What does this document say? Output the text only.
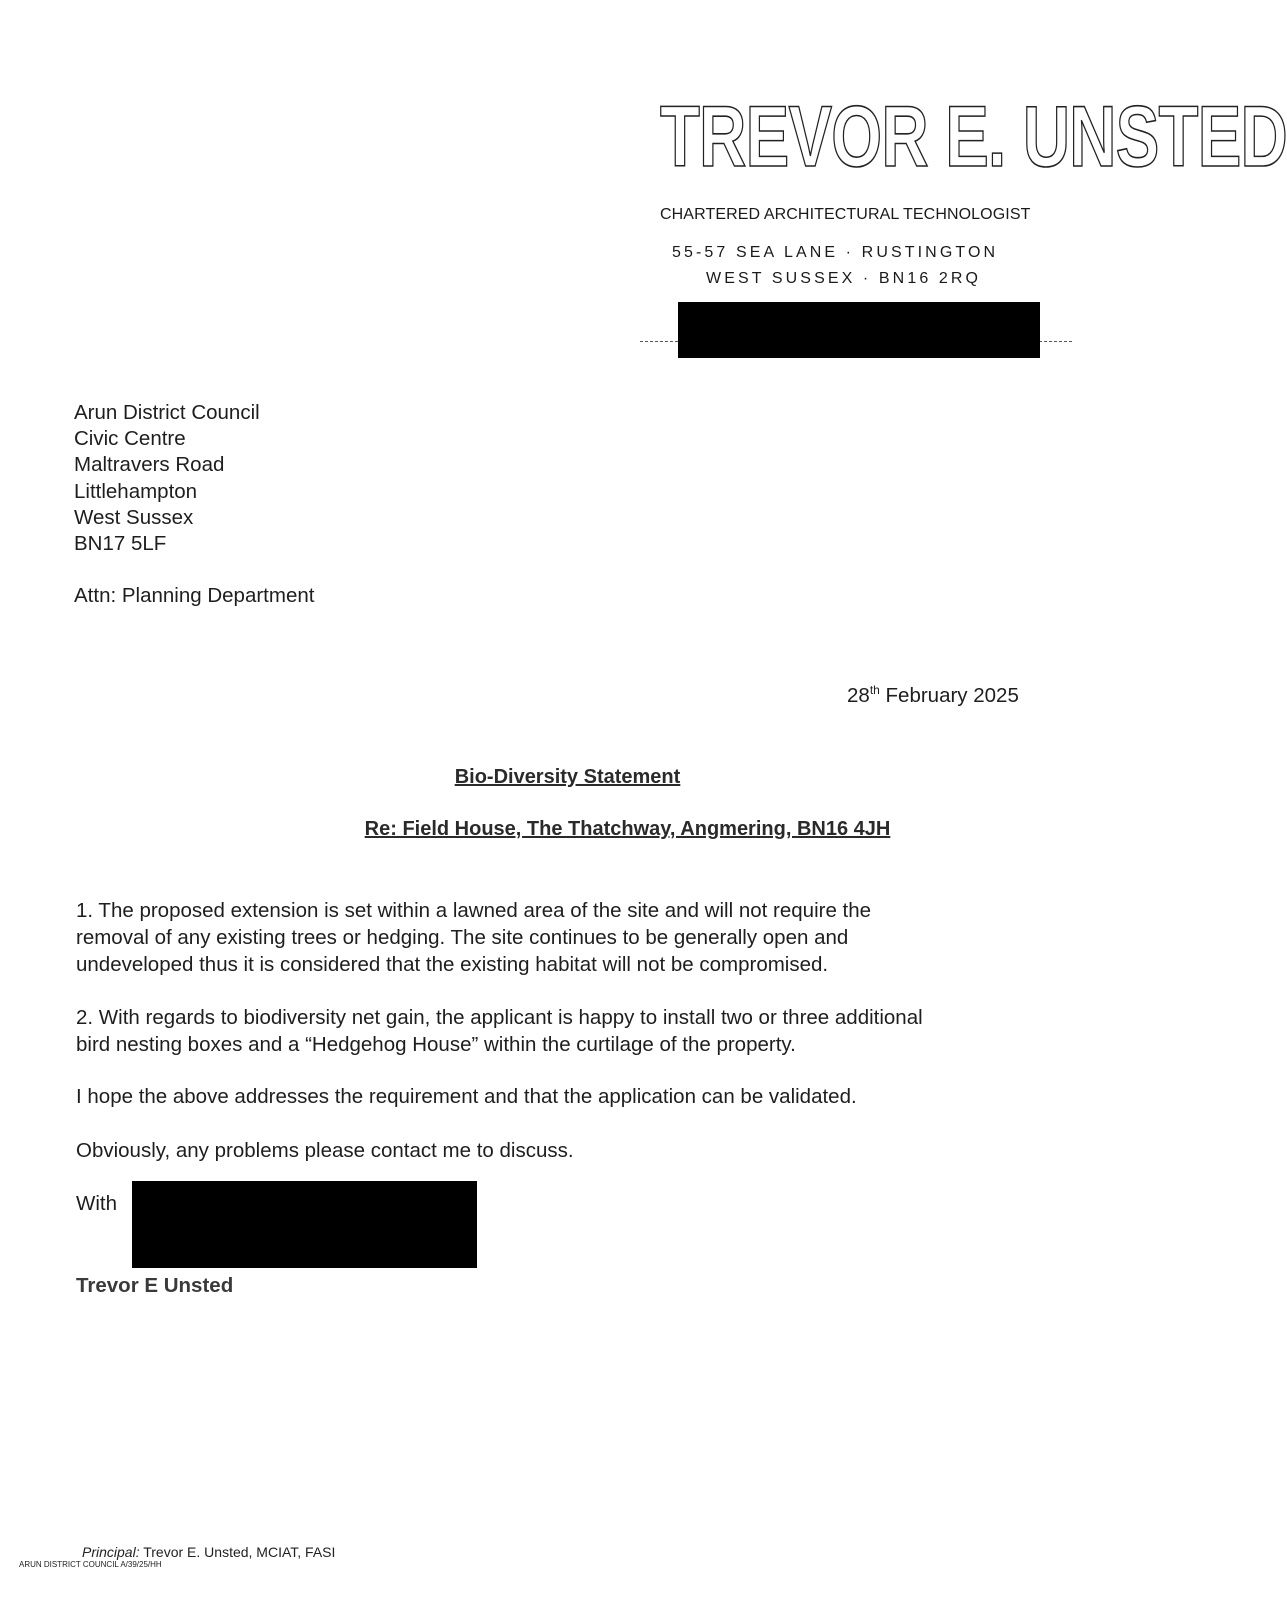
TREVOR E. UNSTED
CHARTERED ARCHITECTURAL TECHNOLOGIST
55-57 SEA LANE · RUSTINGTON
WEST SUSSEX · BN16 2RQ
Arun District Council
Civic Centre
Maltravers Road
Littlehampton
West Sussex
BN17 5LF
Attn: Planning Department
28th February 2025
Bio-Diversity Statement
Re: Field House, The Thatchway, Angmering, BN16 4JH
1. The proposed extension is set within a lawned area of the site and will not require the
removal of any existing trees or hedging. The site continues to be generally open and
undeveloped thus it is considered that the existing habitat will not be compromised.
2. With regards to biodiversity net gain, the applicant is happy to install two or three additional
bird nesting boxes and a “Hedgehog House” within the curtilage of the property.
I hope the above addresses the requirement and that the application can be validated.
Obviously, any problems please contact me to discuss.
With
Trevor E Unsted
Principal: Trevor E. Unsted, MCIAT, FASI
ARUN DISTRICT COUNCIL A/39/25/HH
